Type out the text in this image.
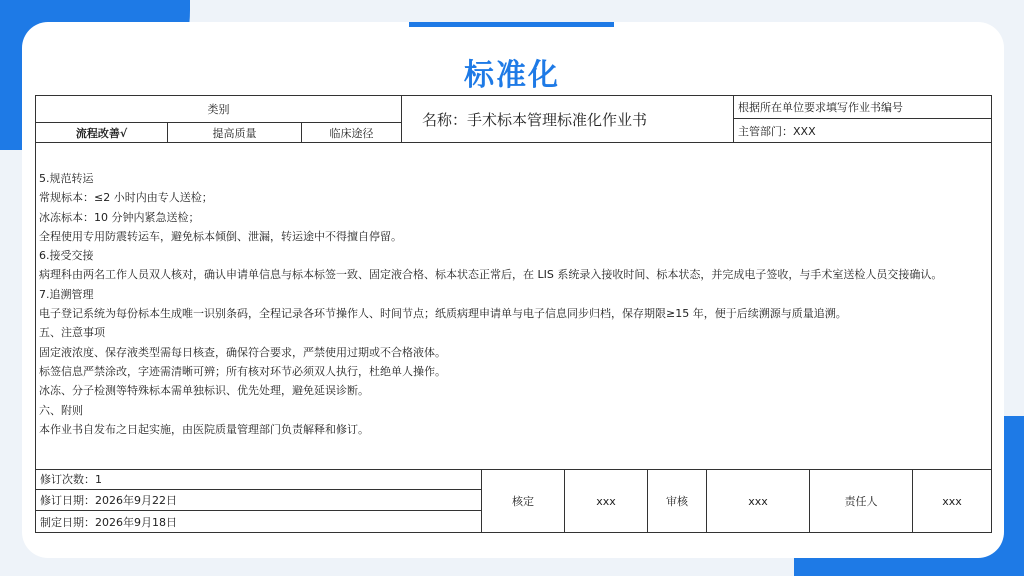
标准化
类别
流程改善√	提高质量	临床途径
名称：手术标本管理标准化作业书
根据所在单位要求填写作业书编号
主管部门：XXX
5.规范转运
常规标本：≤2 小时内由专人送检；
冰冻标本：10 分钟内紧急送检；
全程使用专用防震转运车，避免标本倾倒、泄漏，转运途中不得擅自停留。
6.接受交接
病理科由两名工作人员双人核对，确认申请单信息与标本标签一致、固定液合格、标本状态正常后，在 LIS 系统录入接收时间、标本状态，并完成电子签收，与手术室送检人员交接确认。
7.追溯管理
电子登记系统为每份标本生成唯一识别条码，全程记录各环节操作人、时间节点；纸质病理申请单与电子信息同步归档，保存期限≥15 年，便于后续溯源与质量追溯。
五、注意事项
固定液浓度、保存液类型需每日核查，确保符合要求，严禁使用过期或不合格液体。
标签信息严禁涂改，字迹需清晰可辨；所有核对环节必须双人执行，杜绝单人操作。
冰冻、分子检测等特殊标本需单独标识、优先处理，避免延误诊断。
六、附则
本作业书自发布之日起实施，由医院质量管理部门负责解释和修订。
修订次数：1
修订日期：2026年9月22日
制定日期：2026年9月18日
核定	xxx	审核	xxx	责任人	xxx
